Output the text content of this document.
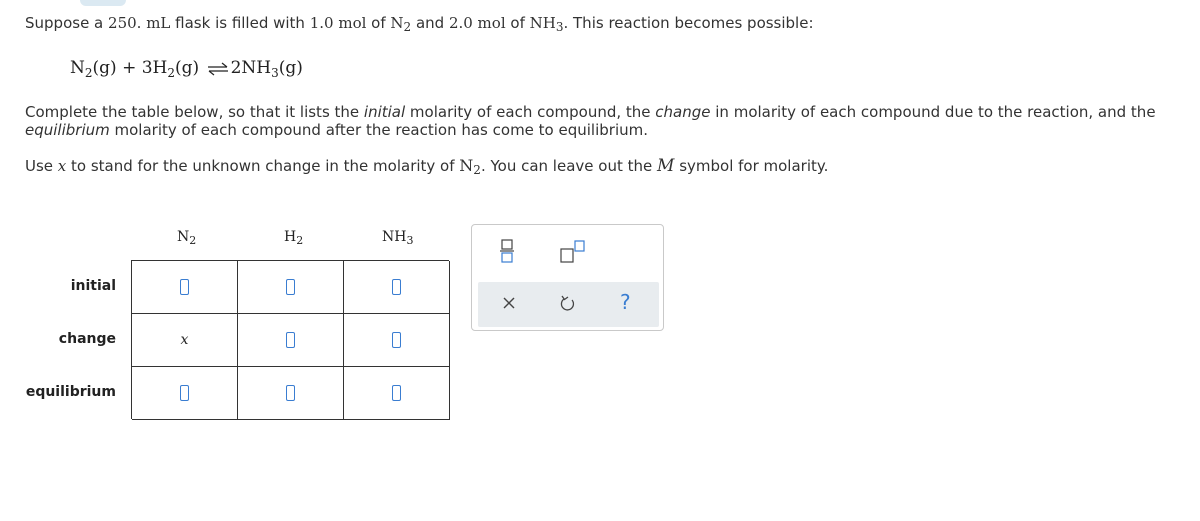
Suppose a 250. mL flask is filled with 1.0 mol of $N_2$ and 2.0 mol of $NH_3$. This reaction becomes possible:
$N_2(g) + 3H_2(g)$ ⇌ $2NH_3(g)$
Complete the table below, so that it lists the initial molarity of each compound, the change in molarity of each compound due to the reaction, and the
equilibrium molarity of each compound after the reaction has come to equilibrium.
Use x to stand for the unknown change in the molarity of $N_2$. You can leave out the M symbol for molarity.
$N_2$	$H_2$	$NH_3$
initial
change
equilibrium
x
?
